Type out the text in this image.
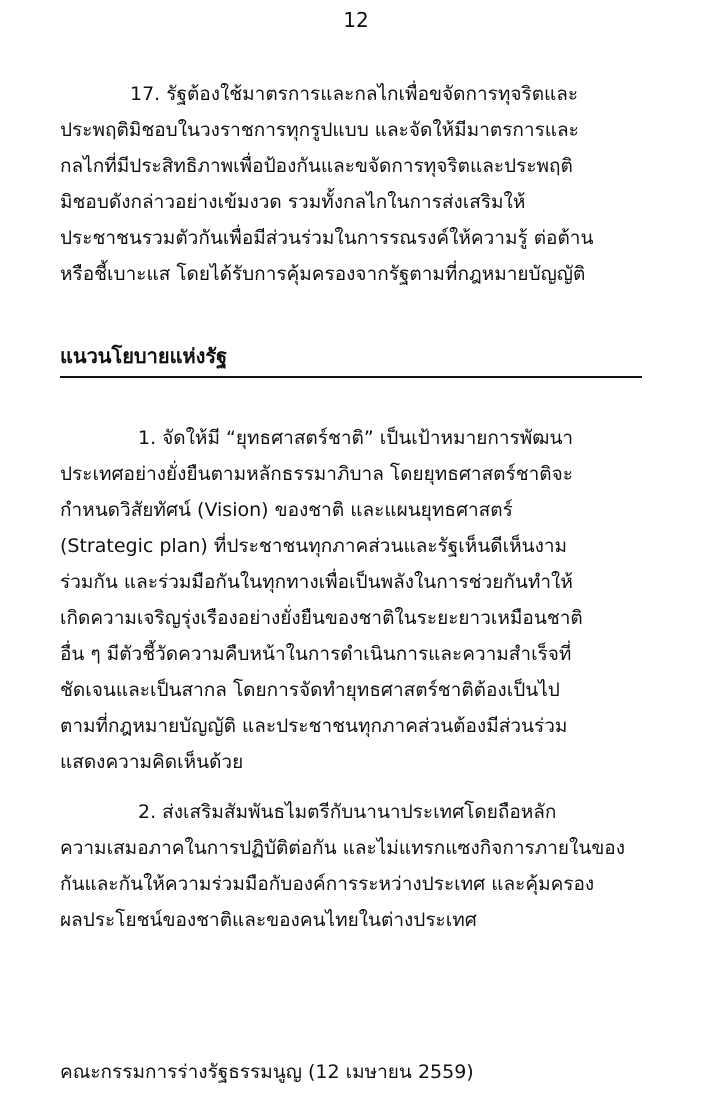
12
17. รัฐต้องใช้มาตรการและกลไกเพื่อขจัดการทุจริตและ
ประพฤติมิชอบในวงราชการทุกรูปแบบ และจัดให้มีมาตรการและ
กลไกที่มีประสิทธิภาพเพื่อป้องกันและขจัดการทุจริตและประพฤติ
มิชอบดังกล่าวอย่างเข้มงวด รวมทั้งกลไกในการส่งเสริมให้
ประชาชนรวมตัวกันเพื่อมีส่วนร่วมในการรณรงค์ให้ความรู้ ต่อต้าน
หรือชี้เบาะแส โดยได้รับการคุ้มครองจากรัฐตามที่กฎหมายบัญญัติ
แนวนโยบายแห่งรัฐ
1. จัดให้มี “ยุทธศาสตร์ชาติ” เป็นเป้าหมายการพัฒนา
ประเทศอย่างยั่งยืนตามหลักธรรมาภิบาล โดยยุทธศาสตร์ชาติจะ
กำหนดวิสัยทัศน์ (Vision) ของชาติ และแผนยุทธศาสตร์
(Strategic plan) ที่ประชาชนทุกภาคส่วนและรัฐเห็นดีเห็นงาม
ร่วมกัน และร่วมมือกันในทุกทางเพื่อเป็นพลังในการช่วยกันทำให้
เกิดความเจริญรุ่งเรืองอย่างยั่งยืนของชาติในระยะยาวเหมือนชาติ
อื่น ๆ มีตัวชี้วัดความคืบหน้าในการดำเนินการและความสำเร็จที่
ชัดเจนและเป็นสากล โดยการจัดทำยุทธศาสตร์ชาติต้องเป็นไป
ตามที่กฎหมายบัญญัติ และประชาชนทุกภาคส่วนต้องมีส่วนร่วม
แสดงความคิดเห็นด้วย
2. ส่งเสริมสัมพันธไมตรีกับนานาประเทศโดยถือหลัก
ความเสมอภาคในการปฏิบัติต่อกัน และไม่แทรกแซงกิจการภายในของ
กันและกันให้ความร่วมมือกับองค์การระหว่างประเทศ และคุ้มครอง
ผลประโยชน์ของชาติและของคนไทยในต่างประเทศ
คณะกรรมการร่างรัฐธรรมนูญ (12 เมษายน 2559)
